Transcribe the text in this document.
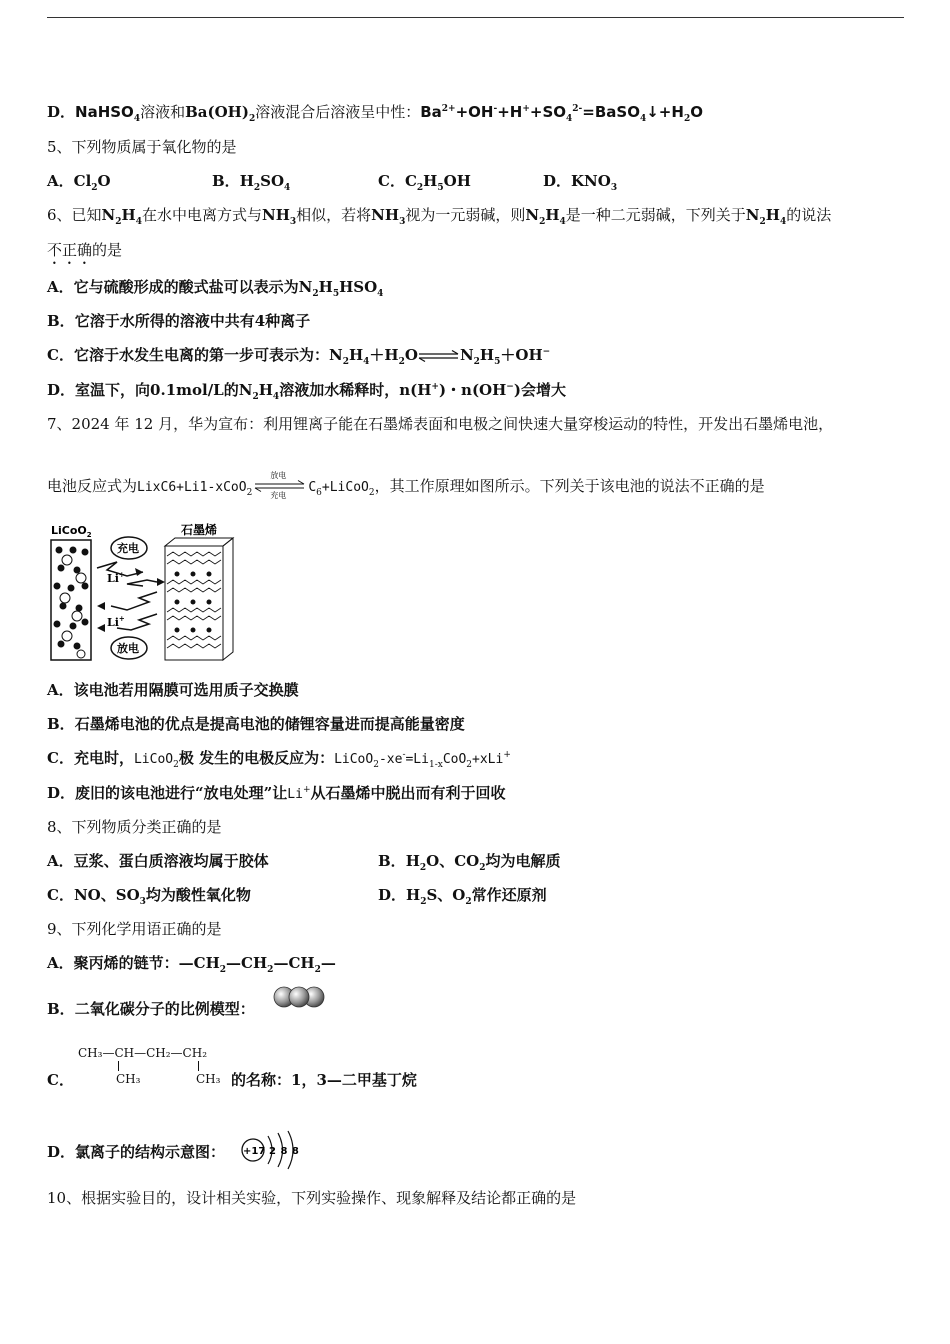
D．NaHSO$_4$溶液和$Ba(OH)_2$溶液混合后溶液呈中性：$Ba^{2+}+OH^-+H^++SO_4^{2-}=BaSO_4↓+H_2O$
5、下列物质属于氧化物的是
A．$Cl_2O$	B．$H_2SO_4$	C．$C_2H_5OH$	D．$KNO_3$
6、已知$N_2H_4$在水中电离方式与$NH_3$相似，若将$NH_3$视为一元弱碱，则$N_2H_4$是一种二元弱碱，下列关于$N_2H_4$的说法
不正确的是
A．它与硫酸形成的酸式盐可以表示为$N_2H_5HSO_4$
B．它溶于水所得的溶液中共有4种离子
C．它溶于水发生电离的第一步可表示为：$N_2H_4+H_2O\rightleftharpoons N_2H_5+OH^-$
D．室温下，向0.1mol/L的$N_2H_4$溶液加水稀释时，n(H+)・n(OH−)会增大
7、2024 年 12 月，华为宣布：利用锂离子能在石墨烯表面和电极之间快速大量穿梭运动的特性，开发出石墨烯电池，
电池反应式为LixC6+Li1-xCoO$_2$
放电
充电
$C_6+LiCoO_2$，其工作原理如图所示。下列关于该电池的说法不正确的是
LiCoO$_2$
充电
放电
Li+
Li+
石墨烯
A．该电池若用隔膜可选用质子交换膜
B．石墨烯电池的优点是提高电池的储锂容量进而提高能量密度
C．充电时，LiCoO$_2$极 发生的电极反应为：$LiCoO_2-xe^-=Li_{1-x}CoO_2+xLi^+$
D．废旧的该电池进行“放电处理”让Li+从石墨烯中脱出而有利于回收
8、下列物质分类正确的是
A．豆浆、蛋白质溶液均属于胶体	B．$H_2O$、$CO_2$均为电解质
C．NO、$SO_3$均为酸性氧化物	D．$H_2S$、$O_2$常作还原剂
9、下列化学用语正确的是
A．聚丙烯的链节：$—CH_2—CH_2—CH_2—$
B．二氧化碳分子的比例模型：
C．
CH₃—CH—CH₂—CH₂
CH₃	CH₃ 的名称：1，3—二甲基丁烷
D．氯离子的结构示意图： +17 2 8 8
10、根据实验目的，设计相关实验，下列实验操作、现象解释及结论都正确的是
